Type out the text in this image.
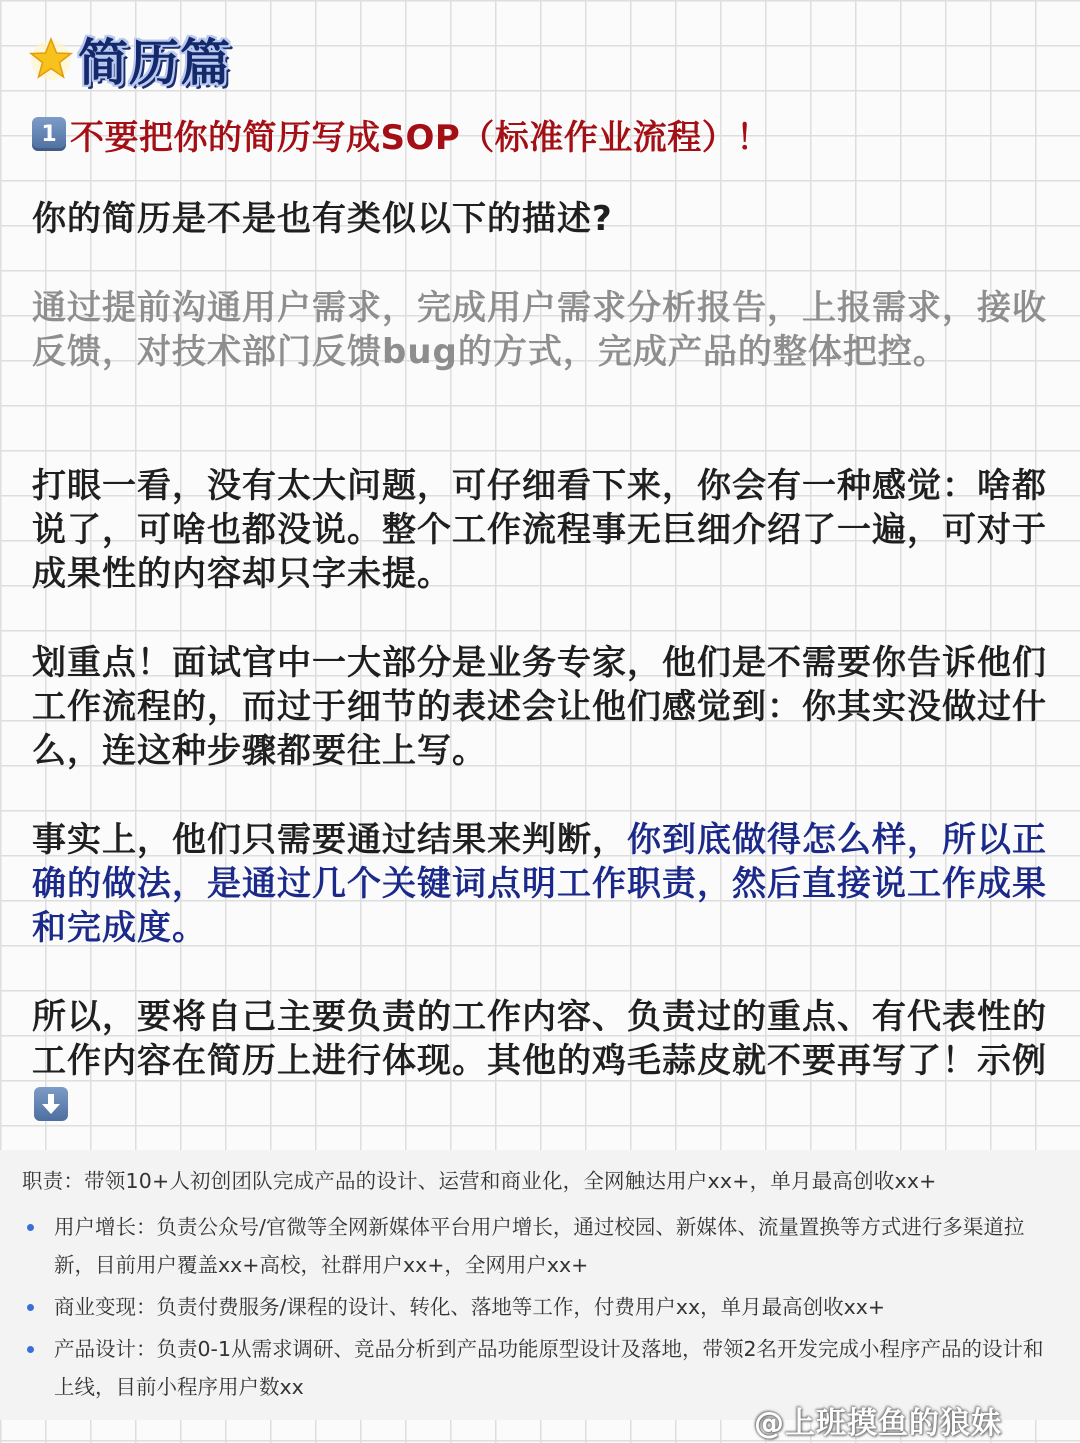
简历篇
1 不要把你的简历写成SOP（标准作业流程）！

你的简历是不是也有类似以下的描述?

通过提前沟通用户需求，完成用户需求分析报告，上报需求，接收反馈，对技术部门反馈bug的方式，完成产品的整体把控。

打眼一看，没有太大问题，可仔细看下来，你会有一种感觉：啥都说了，可啥也都没说。整个工作流程事无巨细介绍了一遍，可对于成果性的内容却只字未提。

划重点！面试官中一大部分是业务专家，他们是不需要你告诉他们工作流程的，而过于细节的表述会让他们感觉到：你其实没做过什么，连这种步骤都要往上写。

事实上，他们只需要通过结果来判断，你到底做得怎么样，所以正确的做法，是通过几个关键词点明工作职责，然后直接说工作成果和完成度。

所以，要将自己主要负责的工作内容、负责过的重点、有代表性的工作内容在简历上进行体现。其他的鸡毛蒜皮就不要再写了！示例

职责：带领10+人初创团队完成产品的设计、运营和商业化，全网触达用户xx+，单月最高创收xx+
用户增长：负责公众号/官微等全网新媒体平台用户增长，通过校园、新媒体、流量置换等方式进行多渠道拉新，目前用户覆盖xx+高校，社群用户xx+，全网用户xx+
商业变现：负责付费服务/课程的设计、转化、落地等工作，付费用户xx，单月最高创收xx+
产品设计：负责0-1从需求调研、竞品分析到产品功能原型设计及落地，带领2名开发完成小程序产品的设计和上线，目前小程序用户数xx
@上班摸鱼的狼妹
